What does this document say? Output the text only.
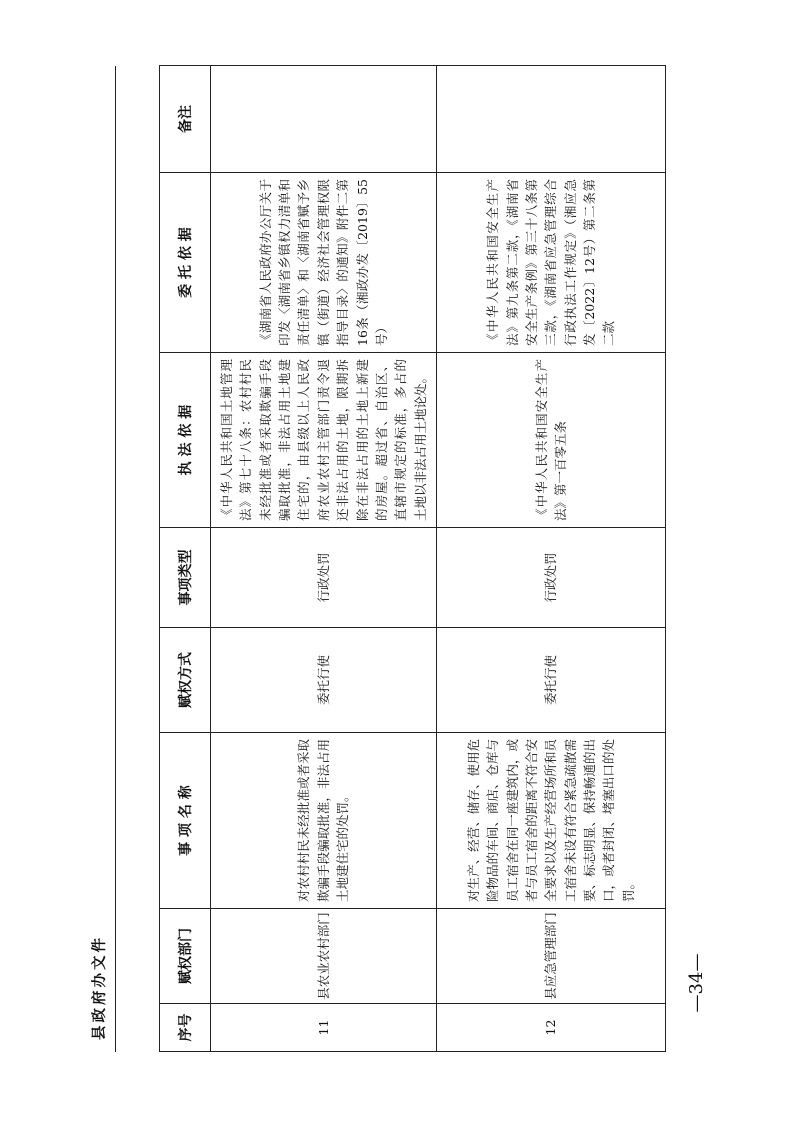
县政府办文件	—34—
序号	赋权部门	事 项 名 称	赋权方式	事项类型	执 法 依 据	委 托 依 据	备注
11	县农业农村部门	对农村村民未经批准或者采取欺骗手段骗取批准，非法占用土地建住宅的处罚。	委托行使	行政处罚	《中华人民共和国土地管理法》第七十八条：农村村民未经批准或者采取欺骗手段骗取批准，非法占用土地建住宅的，由县级以上人民政府农业农村主管部门责令退还非法占用的土地，限期拆除在非法占用的土地上新建的房屋。超过省、自治区、直辖市规定的标准，多占的土地以非法占用土地论处。	《湖南省人民政府办公厅关于印发〈湖南省乡镇权力清单和责任清单〉和〈湖南省赋予乡镇（街道）经济社会管理权限指导目录〉的通知》附件二第16条（湘政办发〔2019〕55号）	

12	县应急管理部门	对生产、经营、储存、使用危险物品的车间、商店、仓库与员工宿舍在同一座建筑内，或者与员工宿舍的距离不符合安全要求以及生产经营场所和员工宿舍未设有符合紧急疏散需要、标志明显、保持畅通的出口，或者封闭、堵塞出口的处罚。	委托行使	行政处罚	《中华人民共和国安全生产法》第一百零五条	《中华人民共和国安全生产法》第九条第二款，《湖南省安全生产条例》第三十八条第三款，《湖南省应急管理综合行政执法工作规定》（湘应急发〔2022〕12号）第二条第二款	
